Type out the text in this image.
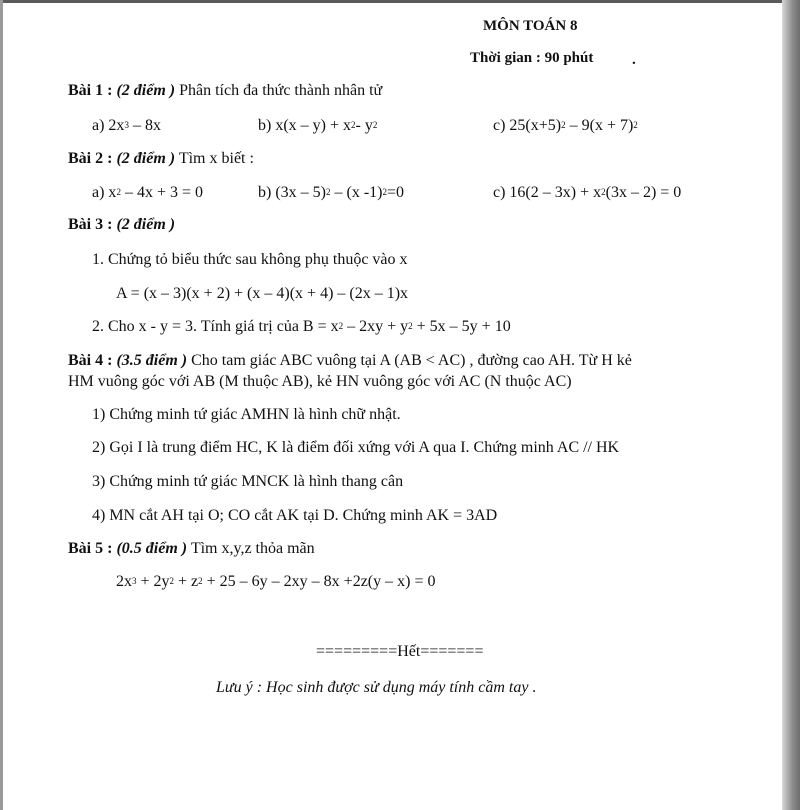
MÔN TOÁN 8
Thời gian : 90 phút	.
Bài 1 : (2 điểm ) Phân tích đa thức thành nhân tử
a) $2x^3 - 8x$	b) $x(x - y) + x^2-$ $y^2$	c) $25(x+5)^2 - 9(x + 7)^2$
Bài 2 : (2 điểm ) Tìm x biết :
a) $x^2 - 4x + 3 = 0$	b) (3x – 5)$^2$ – (x -1)$^2$=0	c) $16(2 - 3x) + x^2(3x - 2) = 0$
Bài 3 : (2 điểm )
1. Chứng tỏ biểu thức sau không phụ thuộc vào x
A = (x – 3)(x + 2) + (x – 4)(x + 4) – (2x – 1)x
2. Cho x - y = 3. Tính giá trị của $B = x^2 - 2xy + y^2 + 5x - 5y + 10$
Bài 4 : (3.5 điểm ) Cho tam giác ABC vuông tại A (AB < AC) , đường cao AH. Từ H kẻ
HM vuông góc với AB (M thuộc AB), kẻ HN vuông góc với AC (N thuộc AC)
1) Chứng minh tứ giác AMHN là hình chữ nhật.
2) Gọi I là trung điểm HC, K là điểm đối xứng với A qua I. Chứng minh AC // HK
3) Chứng minh tứ giác MNCK là hình thang cân
4) MN cắt AH tại O; CO cắt AK tại D. Chứng minh AK = 3AD
Bài 5 : (0.5 điểm ) Tìm x,y,z thỏa mãn
$2x^3 + 2y^2 + z^2 + 25 - 6y - 2xy - 8x +2z(y - x) = 0$
=========Hết=======
Lưu ý : Học sinh được sử dụng máy tính cầm tay .
